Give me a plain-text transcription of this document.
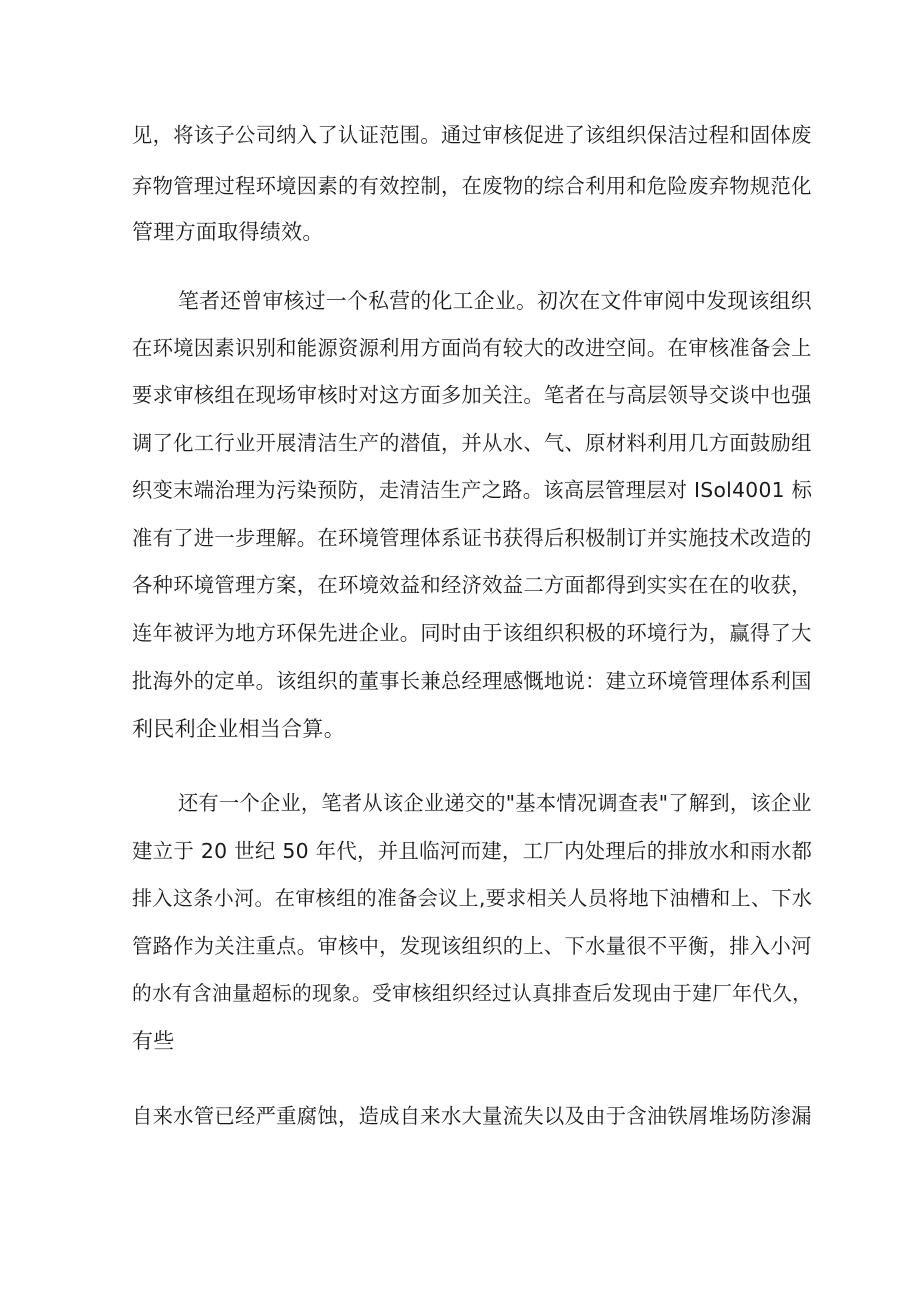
见，将该子公司纳入了认证范围。通过审核促进了该组织保洁过程和固体废
弃物管理过程环境因素的有效控制，在废物的综合利用和危险废弃物规范化
管理方面取得绩效。
笔者还曾审核过一个私营的化工企业。初次在文件审阅中发现该组织
在环境因素识别和能源资源利用方面尚有较大的改进空间。在审核准备会上
要求审核组在现场审核时对这方面多加关注。笔者在与高层领导交谈中也强
调了化工行业开展清洁生产的潜值，并从水、气、原材料利用几方面鼓励组
织变末端治理为污染预防，走清洁生产之路。该高层管理层对 ISol4001 标
准有了进一步理解。在环境管理体系证书获得后积极制订并实施技术改造的
各种环境管理方案，在环境效益和经济效益二方面都得到实实在在的收获，
连年被评为地方环保先进企业。同时由于该组织积极的环境行为，赢得了大
批海外的定单。该组织的董事长兼总经理感慨地说：建立环境管理体系利国
利民利企业相当合算。
还有一个企业，笔者从该企业递交的"基本情况调查表"了解到，该企业
建立于 20 世纪 50 年代，并且临河而建，工厂内处理后的排放水和雨水都
排入这条小河。在审核组的准备会议上,要求相关人员将地下油槽和上、下水
管路作为关注重点。审核中，发现该组织的上、下水量很不平衡，排入小河
的水有含油量超标的现象。受审核组织经过认真排查后发现由于建厂年代久，
有些
自来水管已经严重腐蚀，造成自来水大量流失以及由于含油铁屑堆场防渗漏
